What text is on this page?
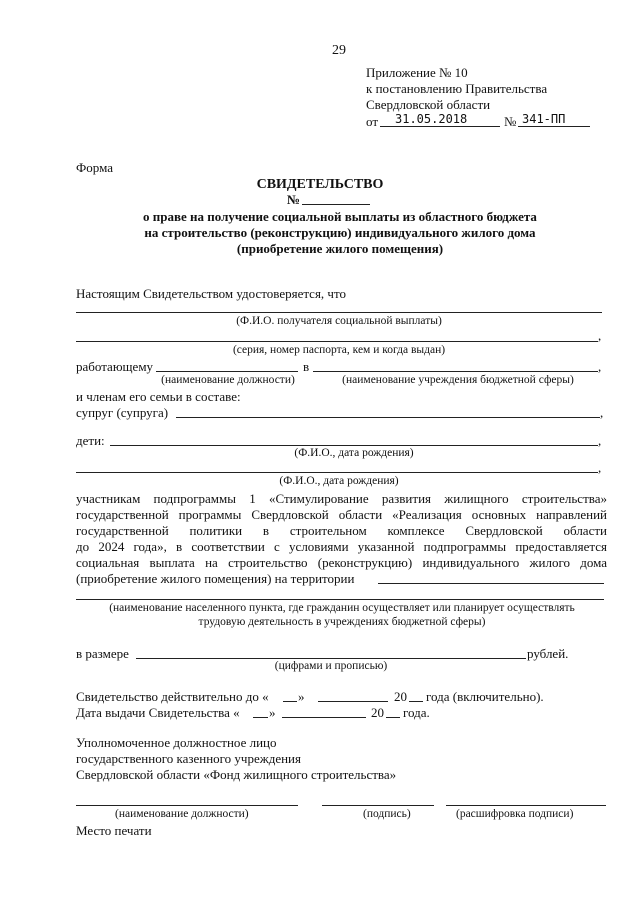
29
Приложение № 10
к постановлению Правительства
Свердловской области
от 31.05.2018	№ 341-ПП
Форма
СВИДЕТЕЛЬСТВО
№
о праве на получение социальной выплаты из областного бюджета
на строительство (реконструкцию) индивидуального жилого дома
(приобретение жилого помещения)
Настоящим Свидетельством удостоверяется, что
(Ф.И.О. получателя социальной выплаты)
,
(серия, номер паспорта, кем и когда выдан)
работающему	в	,
(наименование должности)	(наименование учреждения бюджетной сферы)
и членам его семьи в составе:
супруг (супруга)	,
дети:	,
(Ф.И.О., дата рождения)
,
(Ф.И.О., дата рождения)
участникам подпрограммы 1 «Стимулирование развития жилищного строительства»
государственной программы Свердловской области «Реализация основных направлений
государственной политики в строительном комплексе Свердловской области
до 2024 года», в соответствии с условиями указанной подпрограммы предоставляется
социальная выплата на строительство (реконструкцию) индивидуального жилого дома
(приобретение жилого помещения) на территории
(наименование населенного пункта, где гражданин осуществляет или планирует осуществлять
трудовую деятельность в учреждениях бюджетной сферы)
в размере	рублей.
(цифрами и прописью)
Свидетельство действительно до « »	20 года (включительно).
Дата выдачи Свидетельства « »	20 года.
Уполномоченное должностное лицо
государственного казенного учреждения
Свердловской области «Фонд жилищного строительства»
(наименование должности)	(подпись)	(расшифровка подписи)
Место печати
